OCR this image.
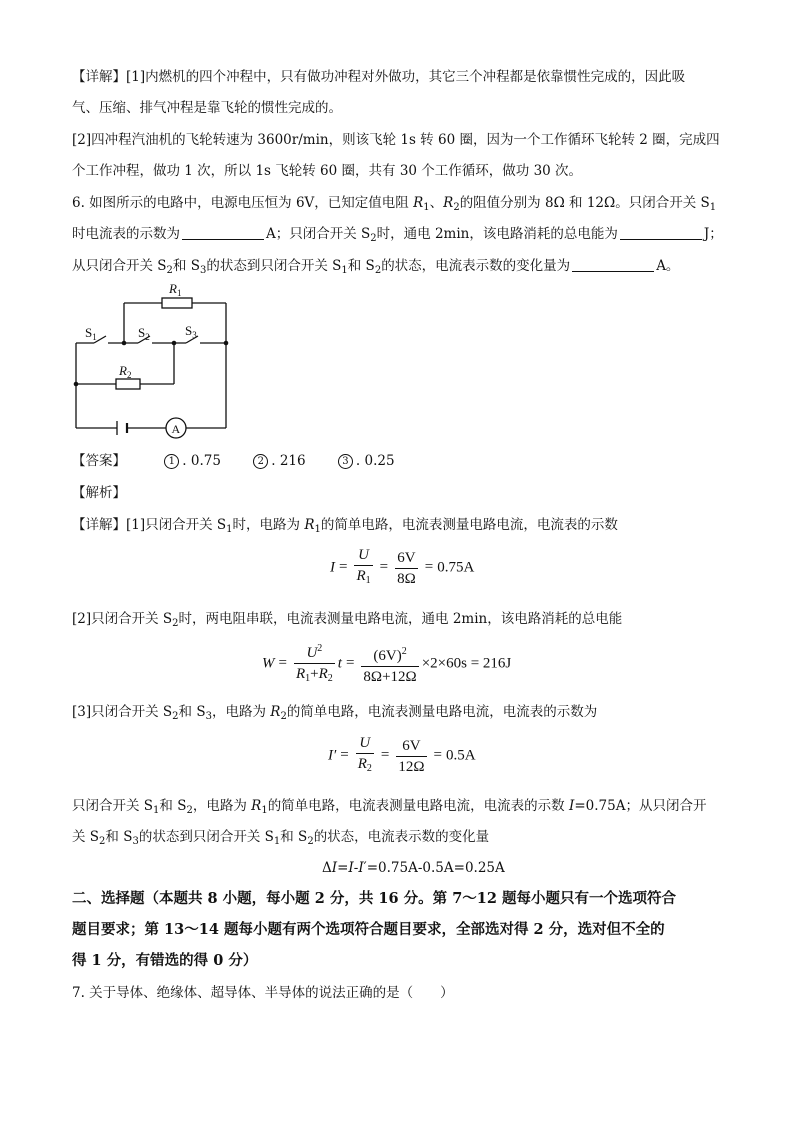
【详解】[1]内燃机的四个冲程中，只有做功冲程对外做功，其它三个冲程都是依靠惯性完成的，因此吸
气、压缩、排气冲程是靠飞轮的惯性完成的。
[2]四冲程汽油机的飞轮转速为 3600r/min，则该飞轮 1s 转 60 圈，因为一个工作循环飞轮转 2 圈，完成四
个工作冲程，做功 1 次，所以 1s 飞轮转 60 圈，共有 30 个工作循环，做功 30 次。
6. 如图所示的电路中，电源电压恒为 6V，已知定值电阻 $R_1$、$R_2$的阻值分别为 8Ω 和 12Ω。只闭合开关 $S_1$
时电流表的示数为	A；只闭合开关 $S_2$时，通电 2min，该电路消耗的总电能为	J；
从只闭合开关 $S_2$和 $S_3$的状态到只闭合开关 $S_1$和 $S_2$的状态，电流表示数的变化量为	A。
$R_1$
$R_2$
$S_1$	$S_2$	$S_3$
A
【答案】	1 . 0.75	2 . 216	3 . 0.25
【解析】
【详解】[1]只闭合开关 $S_1$时，电路为 $R_1$的简单电路，电流表测量电路电流，电流表的示数
$I = \frac{U}{R_1} = \frac{6V}{8\Omega} = 0.75A$
[2]只闭合开关 $S_2$时，两电阻串联，电流表测量电路电流，通电 2min，该电路消耗的总电能
$W = \frac{U^2}{R_1+R_2}$ $t = \frac{(6V)^2}{8\Omega+12\Omega} \times 2\times 60s = 216J$
[3]只闭合开关 $S_2$和 $S_3$，电路为 $R_2$的简单电路，电流表测量电路电流，电流表的示数为
$I' = \frac{U}{R_2} = \frac{6V}{12\Omega} = 0.5A$
只闭合开关 $S_1$和 $S_2$，电路为 $R_1$的简单电路，电流表测量电路电流，电流表的示数 I=0.75A；从只闭合开
关 $S_2$和 $S_3$的状态到只闭合开关 $S_1$和 $S_2$的状态，电流表示数的变化量
ΔI=I-I′=0.75A-0.5A=0.25A
二、选择题（本题共 8 小题，每小题 2 分，共 16 分。第 7～12 题每小题只有一个选项符合
题目要求；第 13～14 题每小题有两个选项符合题目要求，全部选对得 2 分，选对但不全的
得 1 分，有错选的得 0 分）
7. 关于导体、绝缘体、超导体、半导体的说法正确的是（　　）
